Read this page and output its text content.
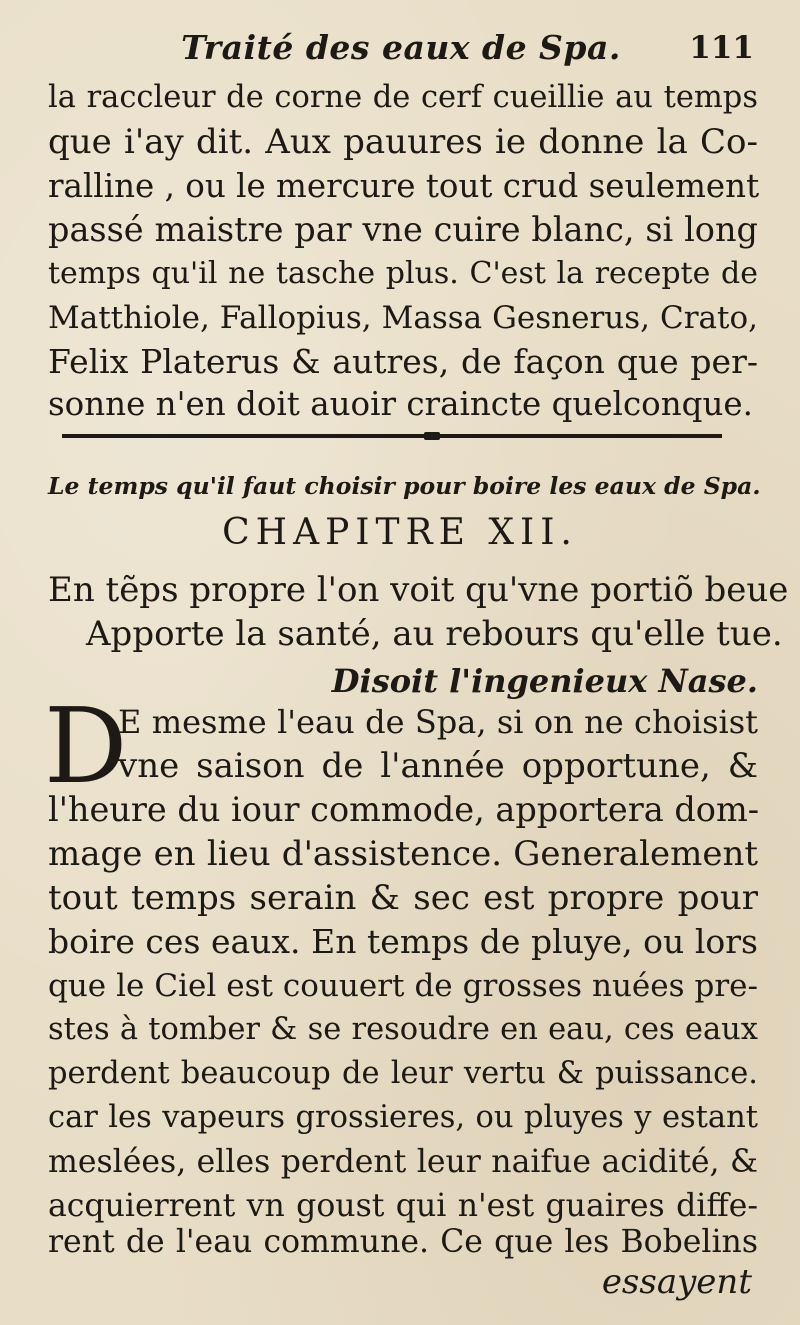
Traité des eaux de Spa.	111
la raccleur de corne de cerf cueillie au temps
que i'ay dit. Aux pauures ie donne la Co-
ralline , ou le mercure tout crud seulement
passé maistre par vne cuire blanc, si long
temps qu'il ne tasche plus. C'est la recepte de
Matthiole, Fallopius, Massa Gesnerus, Crato,
Felix Platerus & autres, de façon que per-
sonne n'en doit auoir craincte quelconque.
Le temps qu'il faut choisir pour boire les eaux de Spa.
CHAPITRE XII.
En tẽps propre l'on voit qu'vne portiõ beue
Apporte la santé, au rebours qu'elle tue.
Disoit l'ingenieux Nase.
D
E mesme l'eau de Spa, si on ne choisist
vne saison de l'année opportune, &
l'heure du iour commode, apportera dom-
mage en lieu d'assistence. Generalement
tout temps serain & sec est propre pour
boire ces eaux. En temps de pluye, ou lors
que le Ciel est couuert de grosses nuées pre-
stes à tomber & se resoudre en eau, ces eaux
perdent beaucoup de leur vertu & puissance.
car les vapeurs grossieres, ou pluyes y estant
meslées, elles perdent leur naifue acidité, &
acquierrent vn goust qui n'est guaires diffe-
rent de l'eau commune. Ce que les Bobelins
essayent
